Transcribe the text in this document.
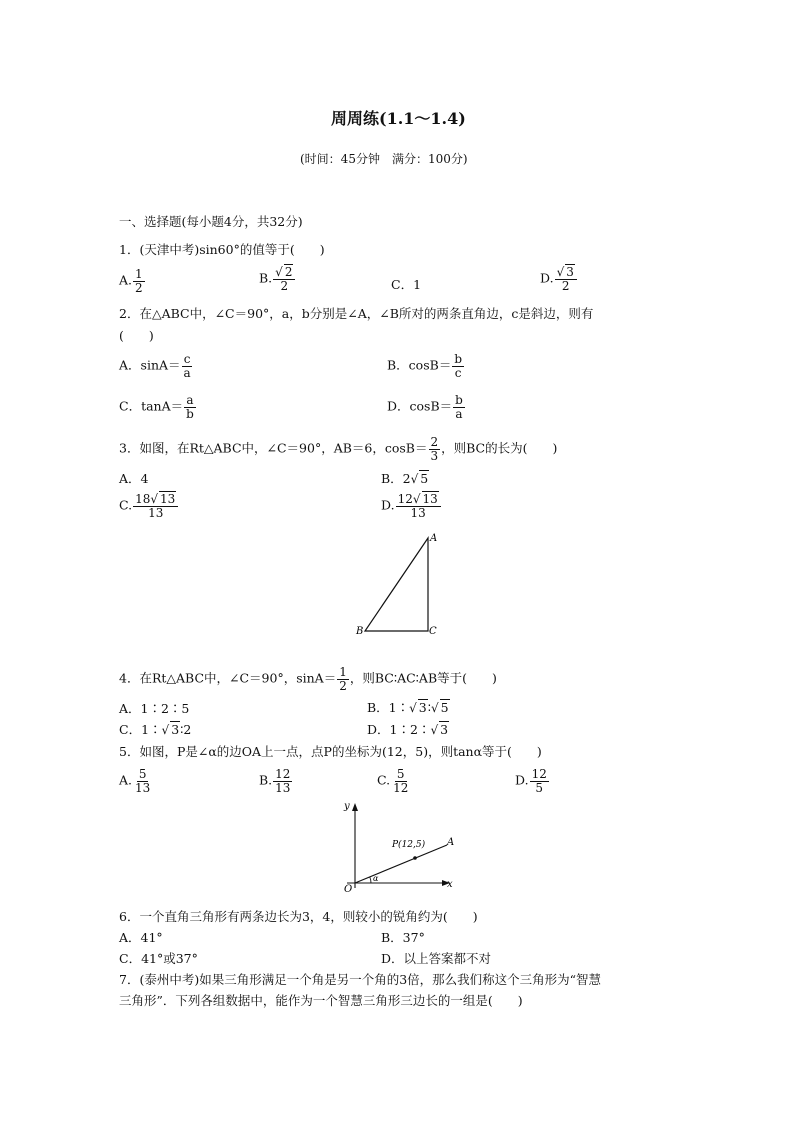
周周练(1.1～1.4)
(时间：45分钟　满分：100分)
一、选择题(每小题4分，共32分)
1．(天津中考)sin60°的值等于(　　)
A. $\frac{1}{2}$	B. $\frac{√ 2}{2}$	C．1	D. $\frac{√ 3}{2}$
2．在△ABC中，∠C＝90°，a，b分别是∠A，∠B所对的两条直角边，c是斜边，则有
(　　)
A．$\sin A= \frac{c}{a}$	B．$\cos B= \frac{b}{c}$
C．$\tan A= \frac{a}{b}$	D．$\cos B= \frac{b}{a}$
3．如图，在Rt△ABC中，∠C＝90°，AB＝6，$\cos B= \frac{2}{3}$ ，则BC的长为(　　)
A．4	B．2√ 5
C. $\frac{18√ 13}{13}$	D. $\frac{12√ 13}{13}$
A
B	C
4．在Rt△ABC中，∠C＝90°，$\sin A= \frac{1}{2}$ ，则BC∶AC∶AB等于(　　)
A．1∶2∶5	B．1∶√ 3∶√ 5
C．1∶√ 3∶2	D．1∶2∶√ 3
5．如图，P是∠α的边OA上一点，点P的坐标为(12，5)，则tanα等于(　　)
A. $\frac{5}{13}$	B. $\frac{12}{13}$	C. $\frac{5}{12}$	D. $\frac{12}{5}$
y
x
O
A
P(12,5)
α
6．一个直角三角形有两条边长为3，4，则较小的锐角约为(　　)
A．41°	B．37°
C．41°或37°	D．以上答案都不对
7．(泰州中考)如果三角形满足一个角是另一个角的3倍，那么我们称这个三角形为“智慧
三角形”．下列各组数据中，能作为一个智慧三角形三边长的一组是(　　)
